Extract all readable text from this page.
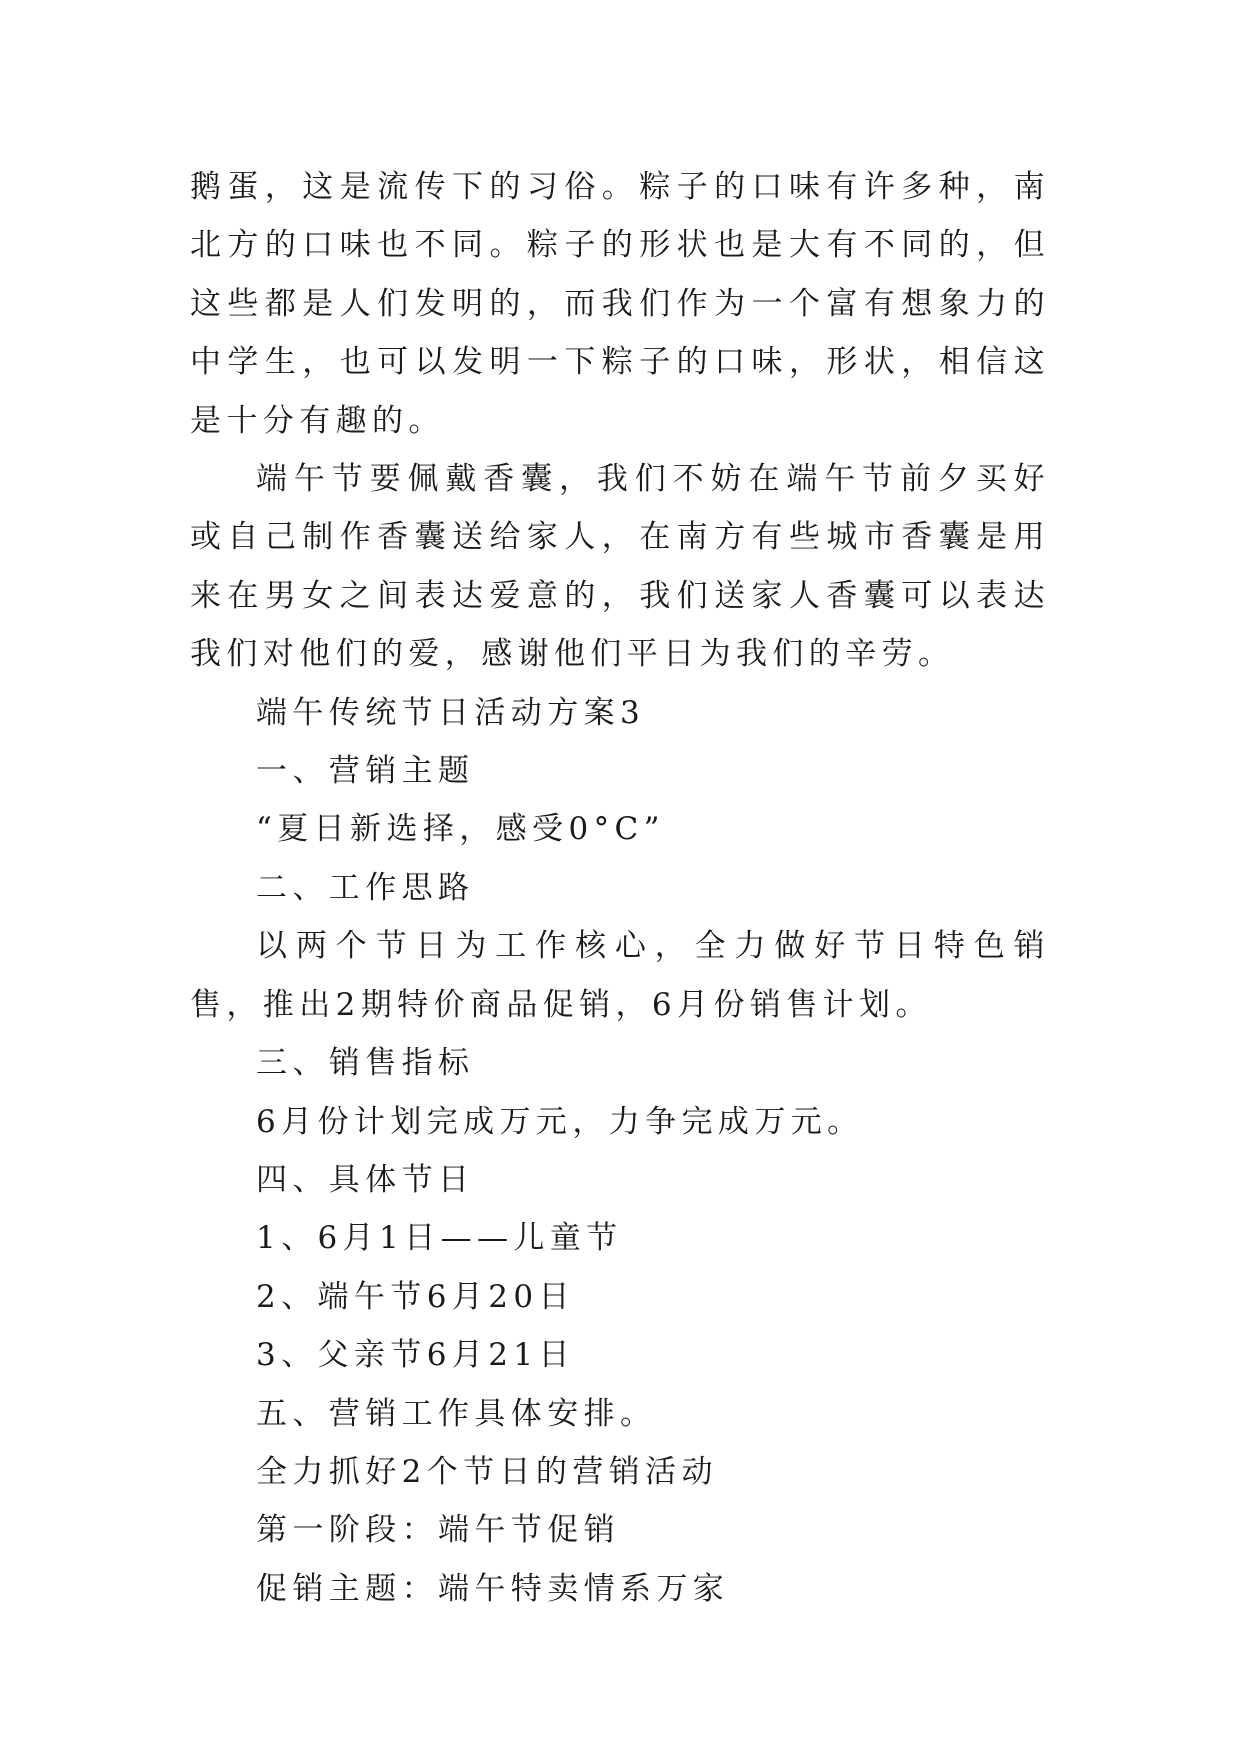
鹅蛋，这是流传下的习俗。粽子的口味有许多种，南北方的口味也不同。粽子的形状也是大有不同的，但这些都是人们发明的，而我们作为一个富有想象力的中学生，也可以发明一下粽子的口味，形状，相信这是十分有趣的。

端午节要佩戴香囊，我们不妨在端午节前夕买好或自己制作香囊送给家人，在南方有些城市香囊是用来在男女之间表达爱意的，我们送家人香囊可以表达我们对他们的爱，感谢他们平日为我们的辛劳。

端午传统节日活动方案3

一、营销主题

“夏日新选择，感受0°C”

二、工作思路

以两个节日为工作核心，全力做好节日特色销售，推出2期特价商品促销，6月份销售计划。

三、销售指标

6月份计划完成万元，力争完成万元。

四、具体节日

1、6月1日——儿童节

2、端午节6月20日

3、父亲节6月21日

五、营销工作具体安排。

全力抓好2个节日的营销活动

第一阶段：端午节促销

促销主题：端午特卖情系万家
